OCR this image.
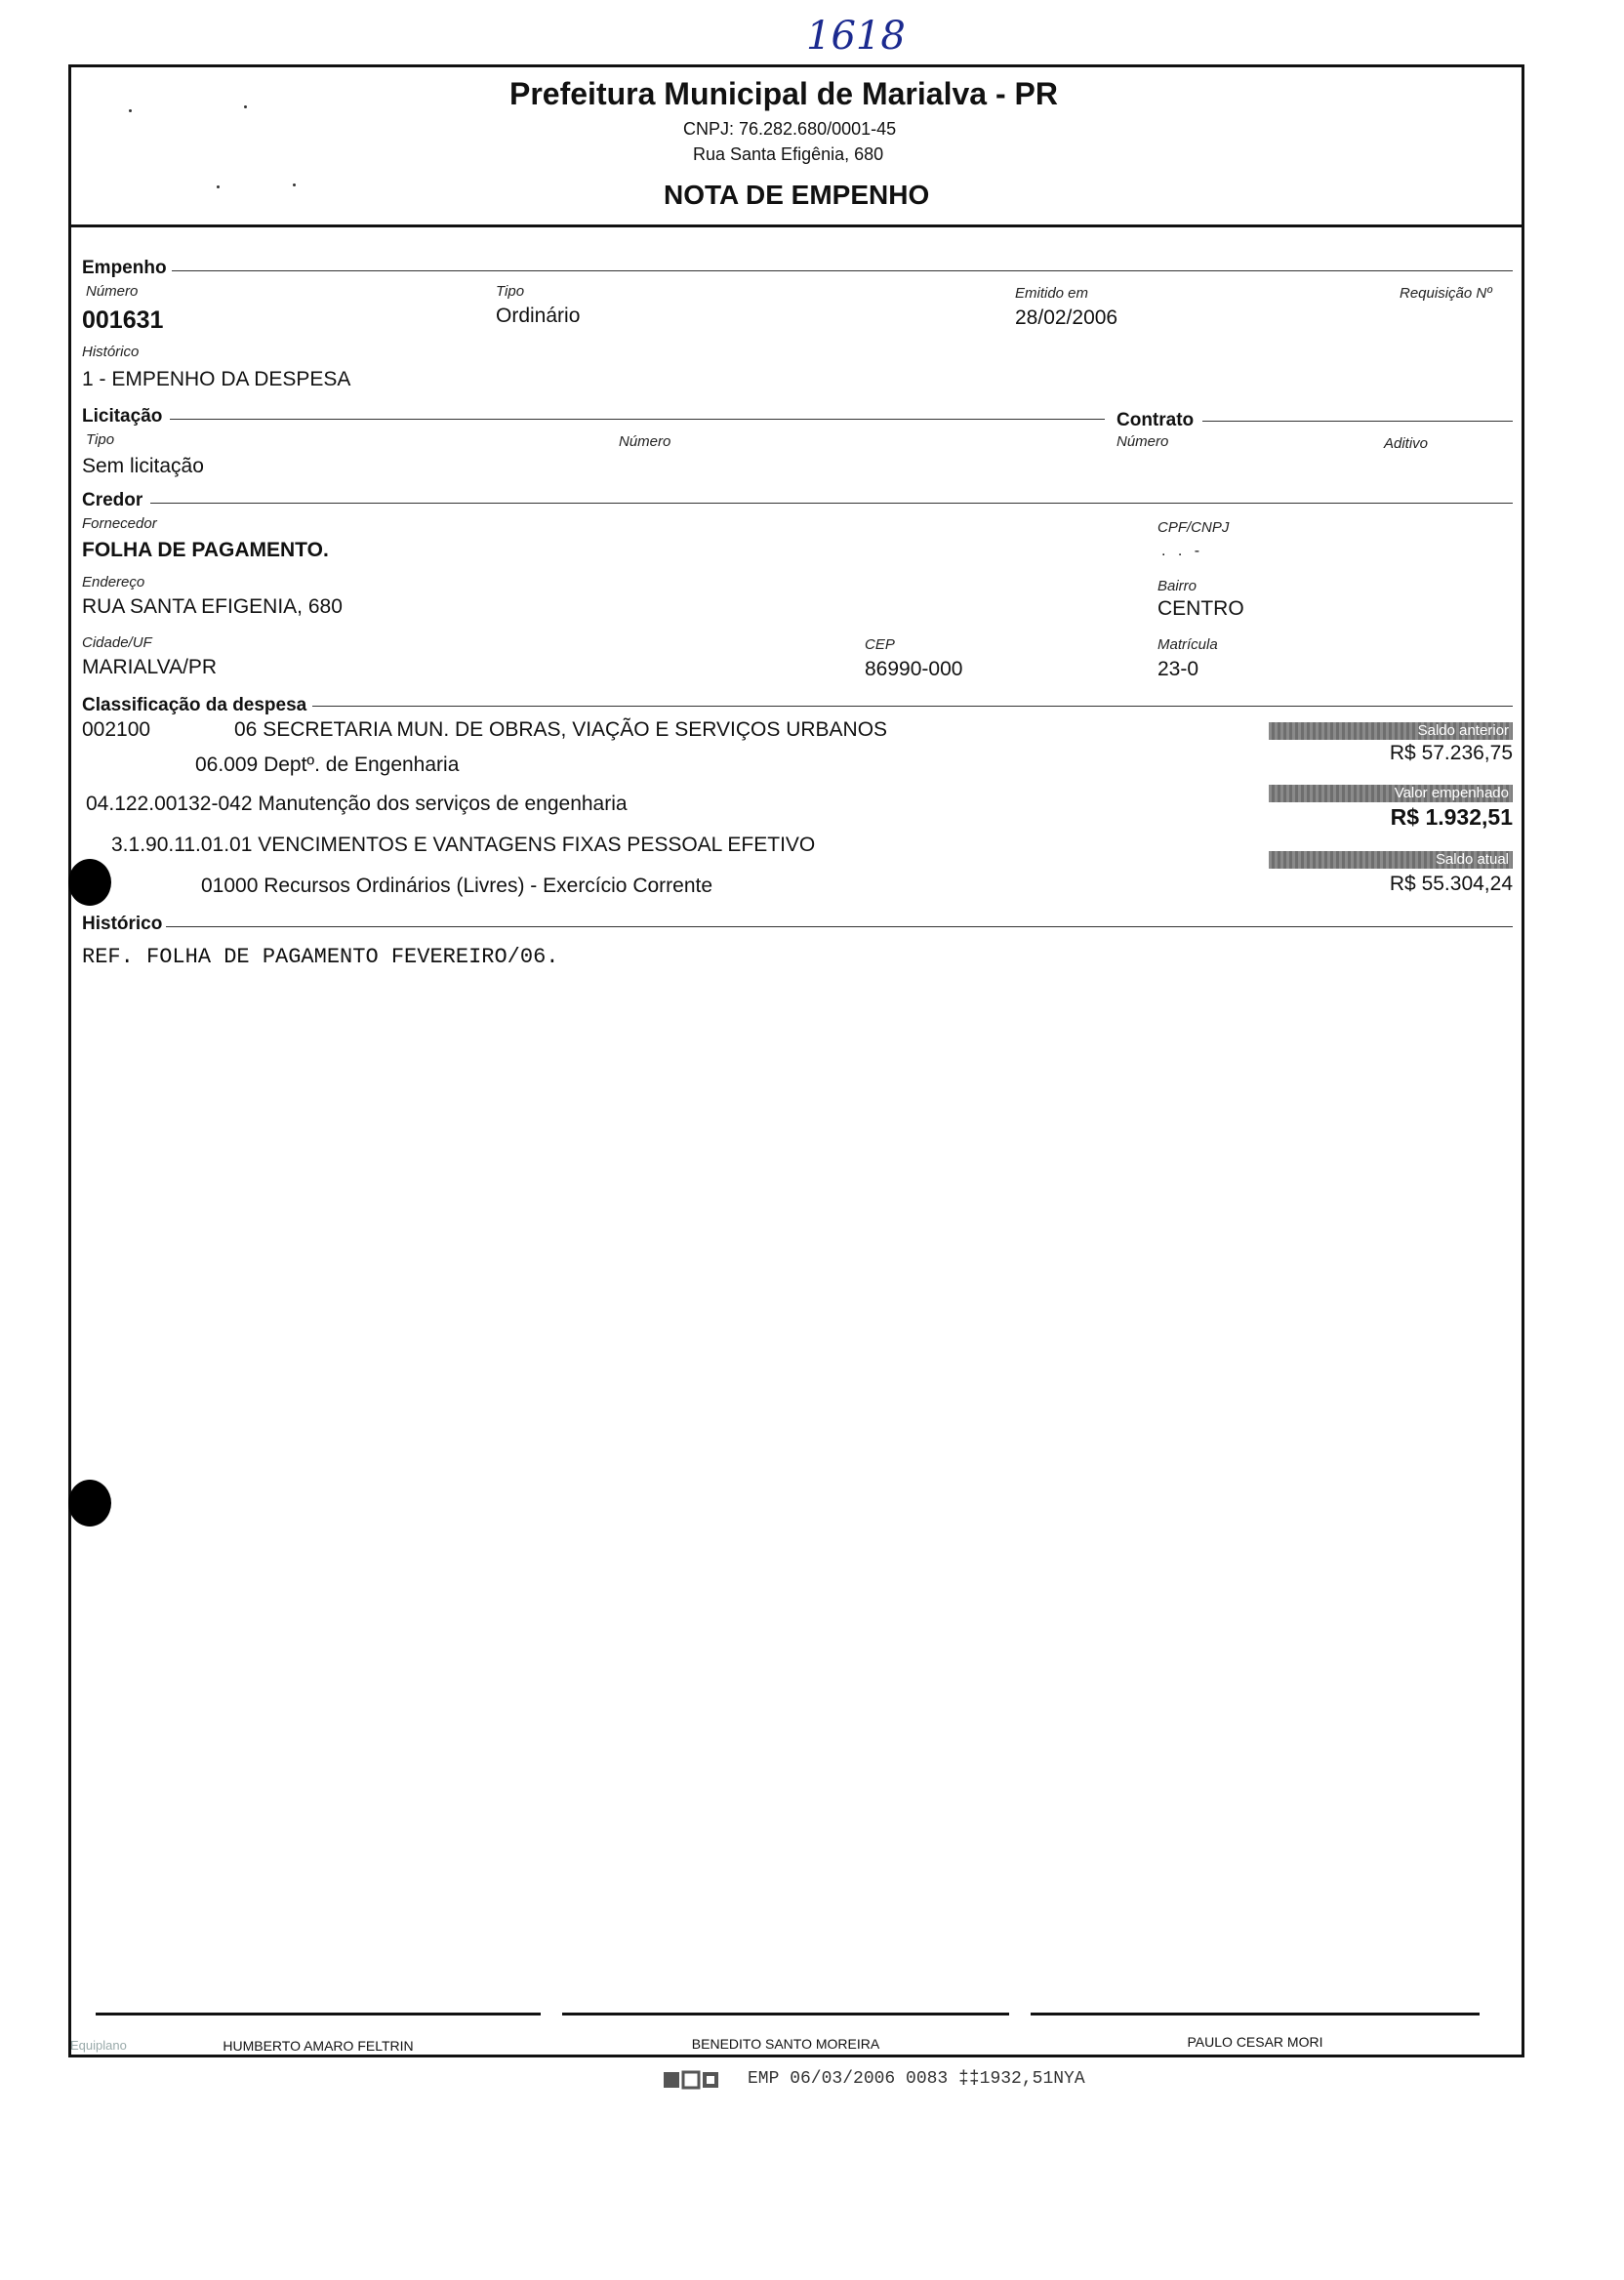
1618
Prefeitura Municipal de Marialva - PR
CNPJ: 76.282.680/0001-45
Rua Santa Efigênia, 680
NOTA DE EMPENHO
Empenho
Número
001631
Tipo
Ordinário
Emitido em
28/02/2006
Requisição Nº
Histórico
1 - EMPENHO DA DESPESA
Licitação	Contrato
Tipo
Sem licitação
Número	Número	Aditivo
Credor
Fornecedor
FOLHA DE PAGAMENTO.
CPF/CNPJ
. . -
Endereço
RUA SANTA EFIGENIA, 680
Bairro
CENTRO
Cidade/UF
MARIALVA/PR
CEP
86990-000
Matrícula
23-0
Classificação da despesa
002100	06 SECRETARIA MUN. DE OBRAS, VIAÇÃO E SERVIÇOS URBANOS
06.009 Deptº. de Engenharia
04.122.00132-042 Manutenção dos serviços de engenharia
3.1.90.11.01.01 VENCIMENTOS E VANTAGENS FIXAS PESSOAL EFETIVO
01000 Recursos Ordinários (Livres) - Exercício Corrente
Saldo anterior
R$ 57.236,75
Valor empenhado
R$ 1.932,51
Saldo atual
R$ 55.304,24
Histórico
REF. FOLHA DE PAGAMENTO FEVEREIRO/06.
HUMBERTO AMARO FELTRIN	BENEDITO SANTO MOREIRA	PAULO CESAR MORI
Equiplano
EMP 06/03/2006 0083 ‡‡1932,51ΝΥΑ
